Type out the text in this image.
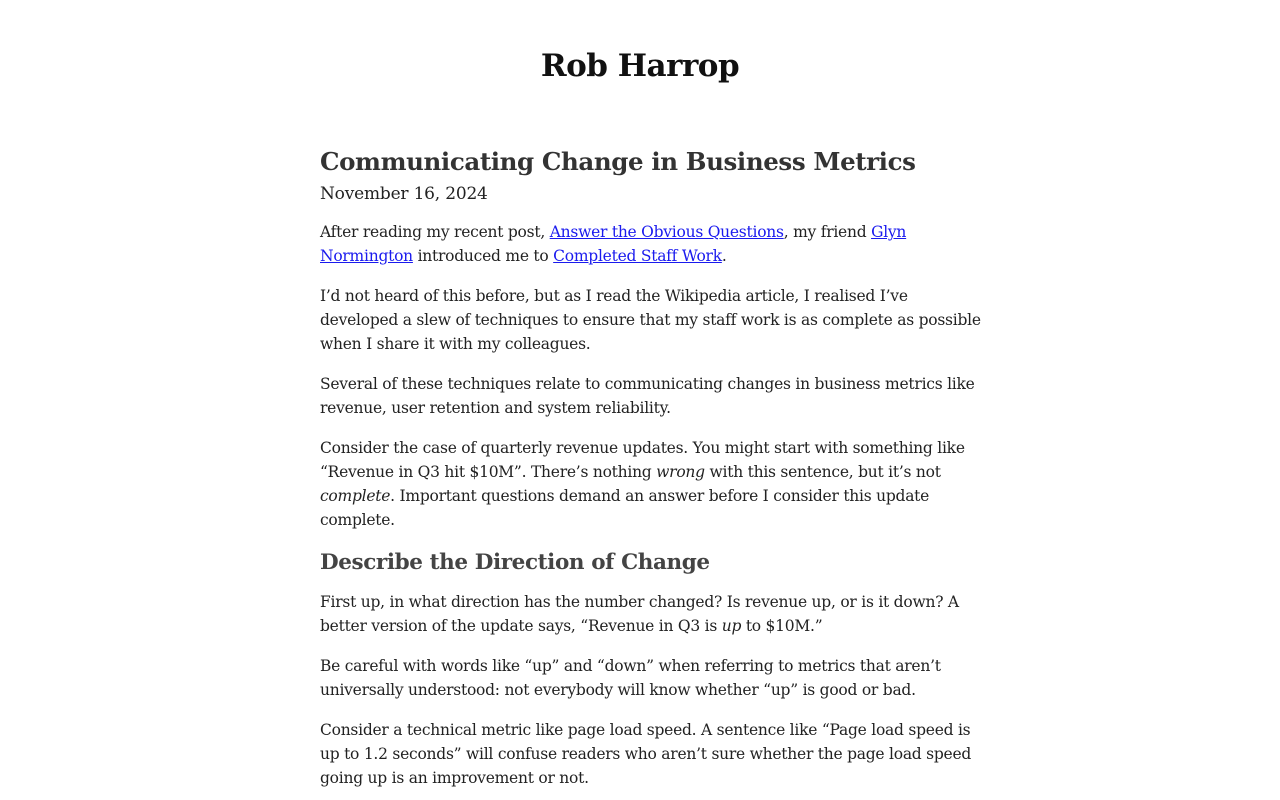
Rob Harrop
Communicating Change in Business Metrics

November 16, 2024

After reading my recent post, Answer the Obvious Questions, my friend Glyn
Normington introduced me to Completed Staff Work.

I’d not heard of this before, but as I read the Wikipedia article, I realised I’ve
developed a slew of techniques to ensure that my staff work is as complete as possible
when I share it with my colleagues.

Several of these techniques relate to communicating changes in business metrics like
revenue, user retention and system reliability.

Consider the case of quarterly revenue updates. You might start with something like
“Revenue in Q3 hit $10M”. There’s nothing wrong with this sentence, but it’s not
complete. Important questions demand an answer before I consider this update
complete.

Describe the Direction of Change

First up, in what direction has the number changed? Is revenue up, or is it down? A
better version of the update says, “Revenue in Q3 is up to $10M.”

Be careful with words like “up” and “down” when referring to metrics that aren’t
universally understood: not everybody will know whether “up” is good or bad.

Consider a technical metric like page load speed. A sentence like “Page load speed is
up to 1.2 seconds” will confuse readers who aren’t sure whether the page load speed
going up is an improvement or not.
